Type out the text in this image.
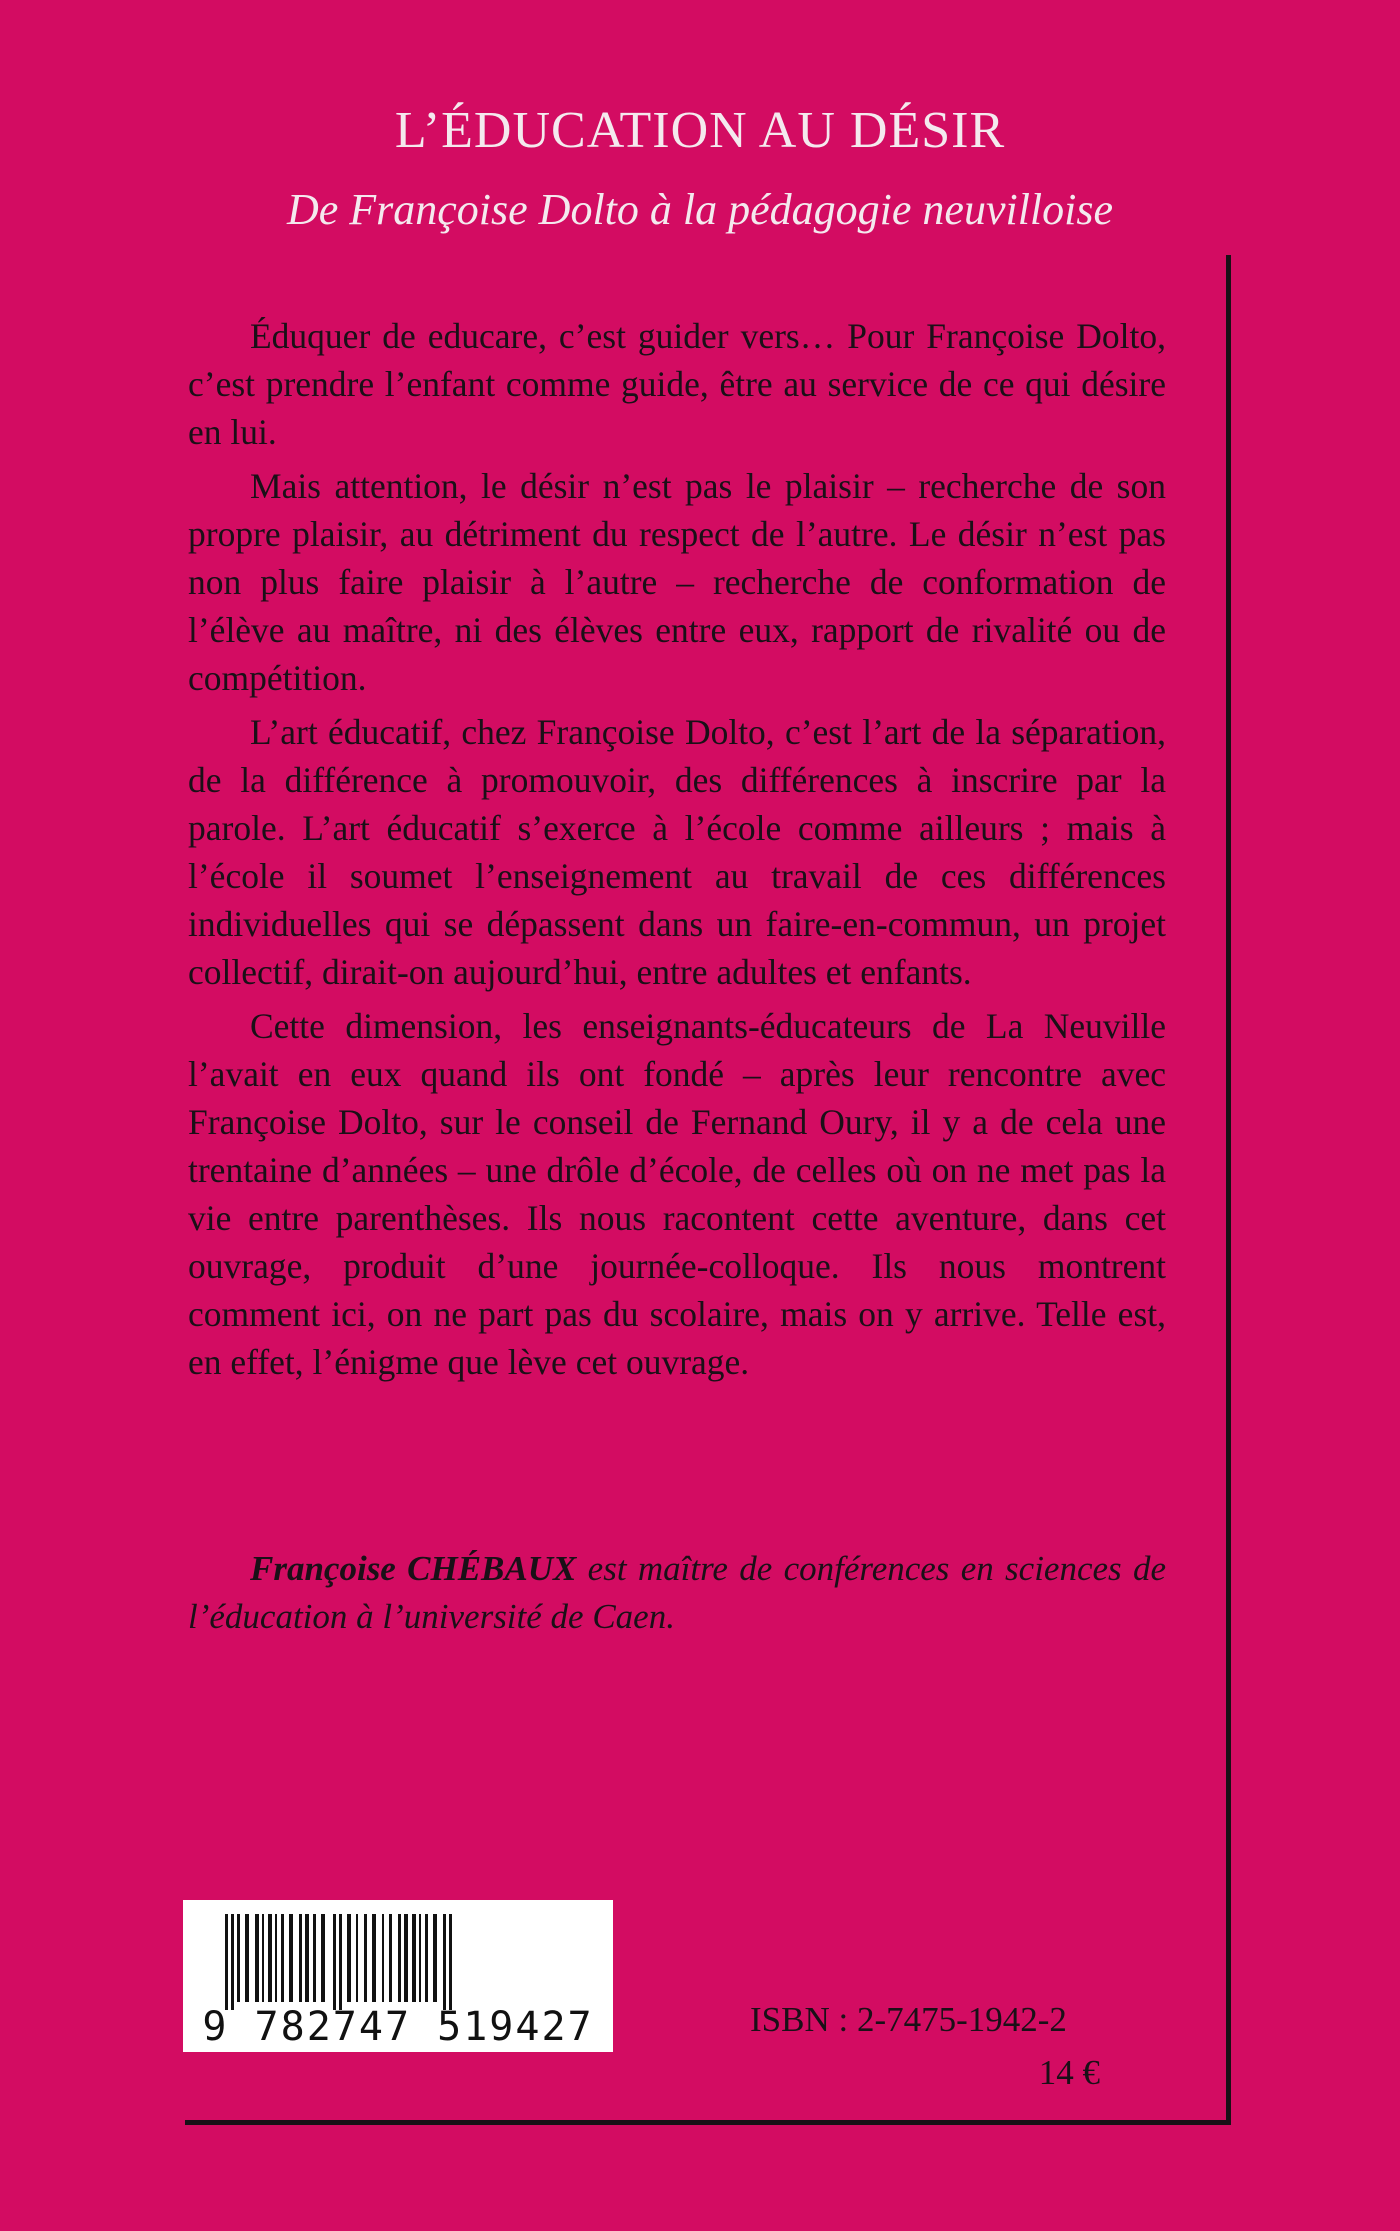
L’ÉDUCATION AU DÉSIR
De Françoise Dolto à la pédagogie neuvilloise

Éduquer de educare, c’est guider vers… Pour Françoise Dolto, c’est prendre l’enfant comme guide, être au service de ce qui désire en lui.

Mais attention, le désir n’est pas le plaisir – recherche de son propre plaisir, au détriment du respect de l’autre. Le désir n’est pas non plus faire plaisir à l’autre – recherche de conformation de l’élève au maître, ni des élèves entre eux, rapport de rivalité ou de compétition.

L’art éducatif, chez Françoise Dolto, c’est l’art de la séparation, de la différence à promouvoir, des différences à inscrire par la parole. L’art éducatif s’exerce à l’école comme ailleurs ; mais à l’école il soumet l’enseignement au travail de ces différences individuelles qui se dépassent dans un faire-en-commun, un projet collectif, dirait-on aujourd’hui, entre adultes et enfants.

Cette dimension, les enseignants-éducateurs de La Neuville l’avait en eux quand ils ont fondé – après leur rencontre avec Françoise Dolto, sur le conseil de Fernand Oury, il y a de cela une trentaine d’années – une drôle d’école, de celles où on ne met pas la vie entre parenthèses. Ils nous racontent cette aventure, dans cet ouvrage, produit d’une journée-colloque. Ils nous montrent comment ici, on ne part pas du scolaire, mais on y arrive. Telle est, en effet, l’énigme que lève cet ouvrage.

Françoise CHÉBAUX est maître de conférences en sciences de l’éducation à l’université de Caen.

9 782747 519427	ISBN : 2-7475-1942-2
14 €
